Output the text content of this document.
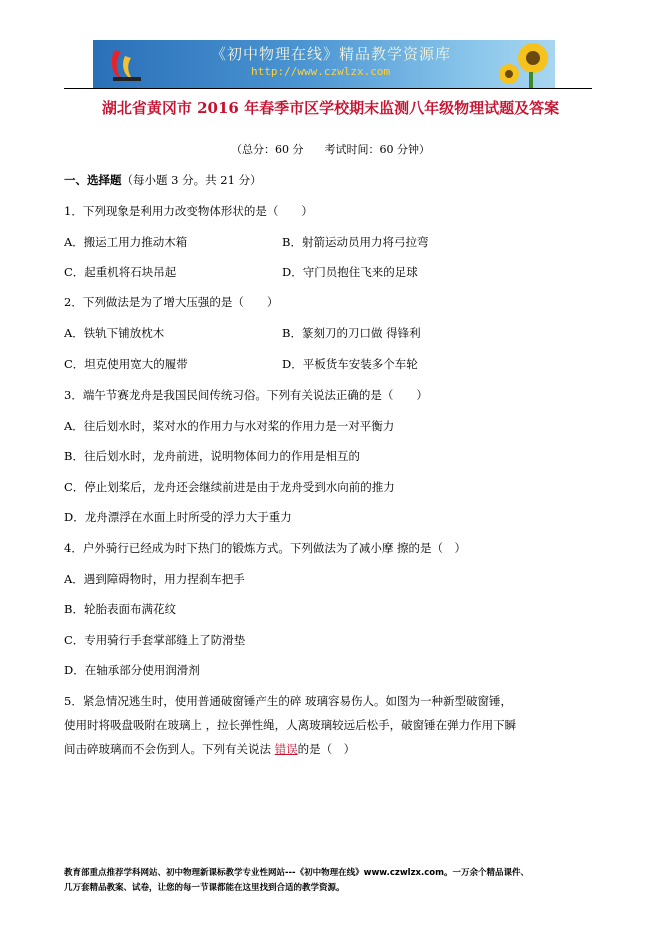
《初中物理在线》精品教学资源库
http://www.czwlzx.com
湖北省黄冈市 2016 年春季市区学校期末监测八年级物理试题及答案
（总分：60 分 考试时间：60 分钟）
一、选择题（每小题 3 分。共 21 分）
1．下列现象是利用力改变物体形状的是（　　）
A．搬运工用力推动木箱	B．射箭运动员用力将弓拉弯
C．起重机将石块吊起	D．守门员抱住飞来的足球
2．下列做法是为了增大压强的是（　　）
A．铁轨下铺放枕木	B．篆刻刀的刀口做 得锋利
C．坦克使用宽大的履带	D．平板货车安装多个车轮
3．端午节赛龙舟是我国民间传统习俗。下列有关说法正确的是（　　）
A．往后划水时，桨对水的作用力与水对桨的作用力是一对平衡力
B．往后划水时，龙舟前进，说明物体间力的作用是相互的
C．停止划桨后，龙舟还会继续前进是由于龙舟受到水向前的推力
D．龙舟漂浮在水面上时所受的浮力大于重力
4．户外骑行已经成为时下热门的锻炼方式。下列做法为了减小摩 擦的是（　）
A．遇到障碍物时，用力捏刹车把手
B．轮胎表面布满花纹
C．专用骑行手套掌部缝上了防滑垫
D．在轴承部分使用润滑剂
5．紧急情况逃生时，使用普通破窗锤产生的碎 玻璃容易伤人。如图为一种新型破窗锤，
使用时将吸盘吸附在玻璃上 ，拉长弹性绳，人离玻璃较远后松手，破窗锤在弹力作用下瞬
间击碎玻璃而不会伤到人。下列有关说法 错误的是（　）
教育部重点推荐学科网站、初中物理新课标教学专业性网站---《初中物理在线》www.czwlzx.com。一万余个精品课件、
几万套精品教案、试卷，让您的每一节课都能在这里找到合适的教学资源。
